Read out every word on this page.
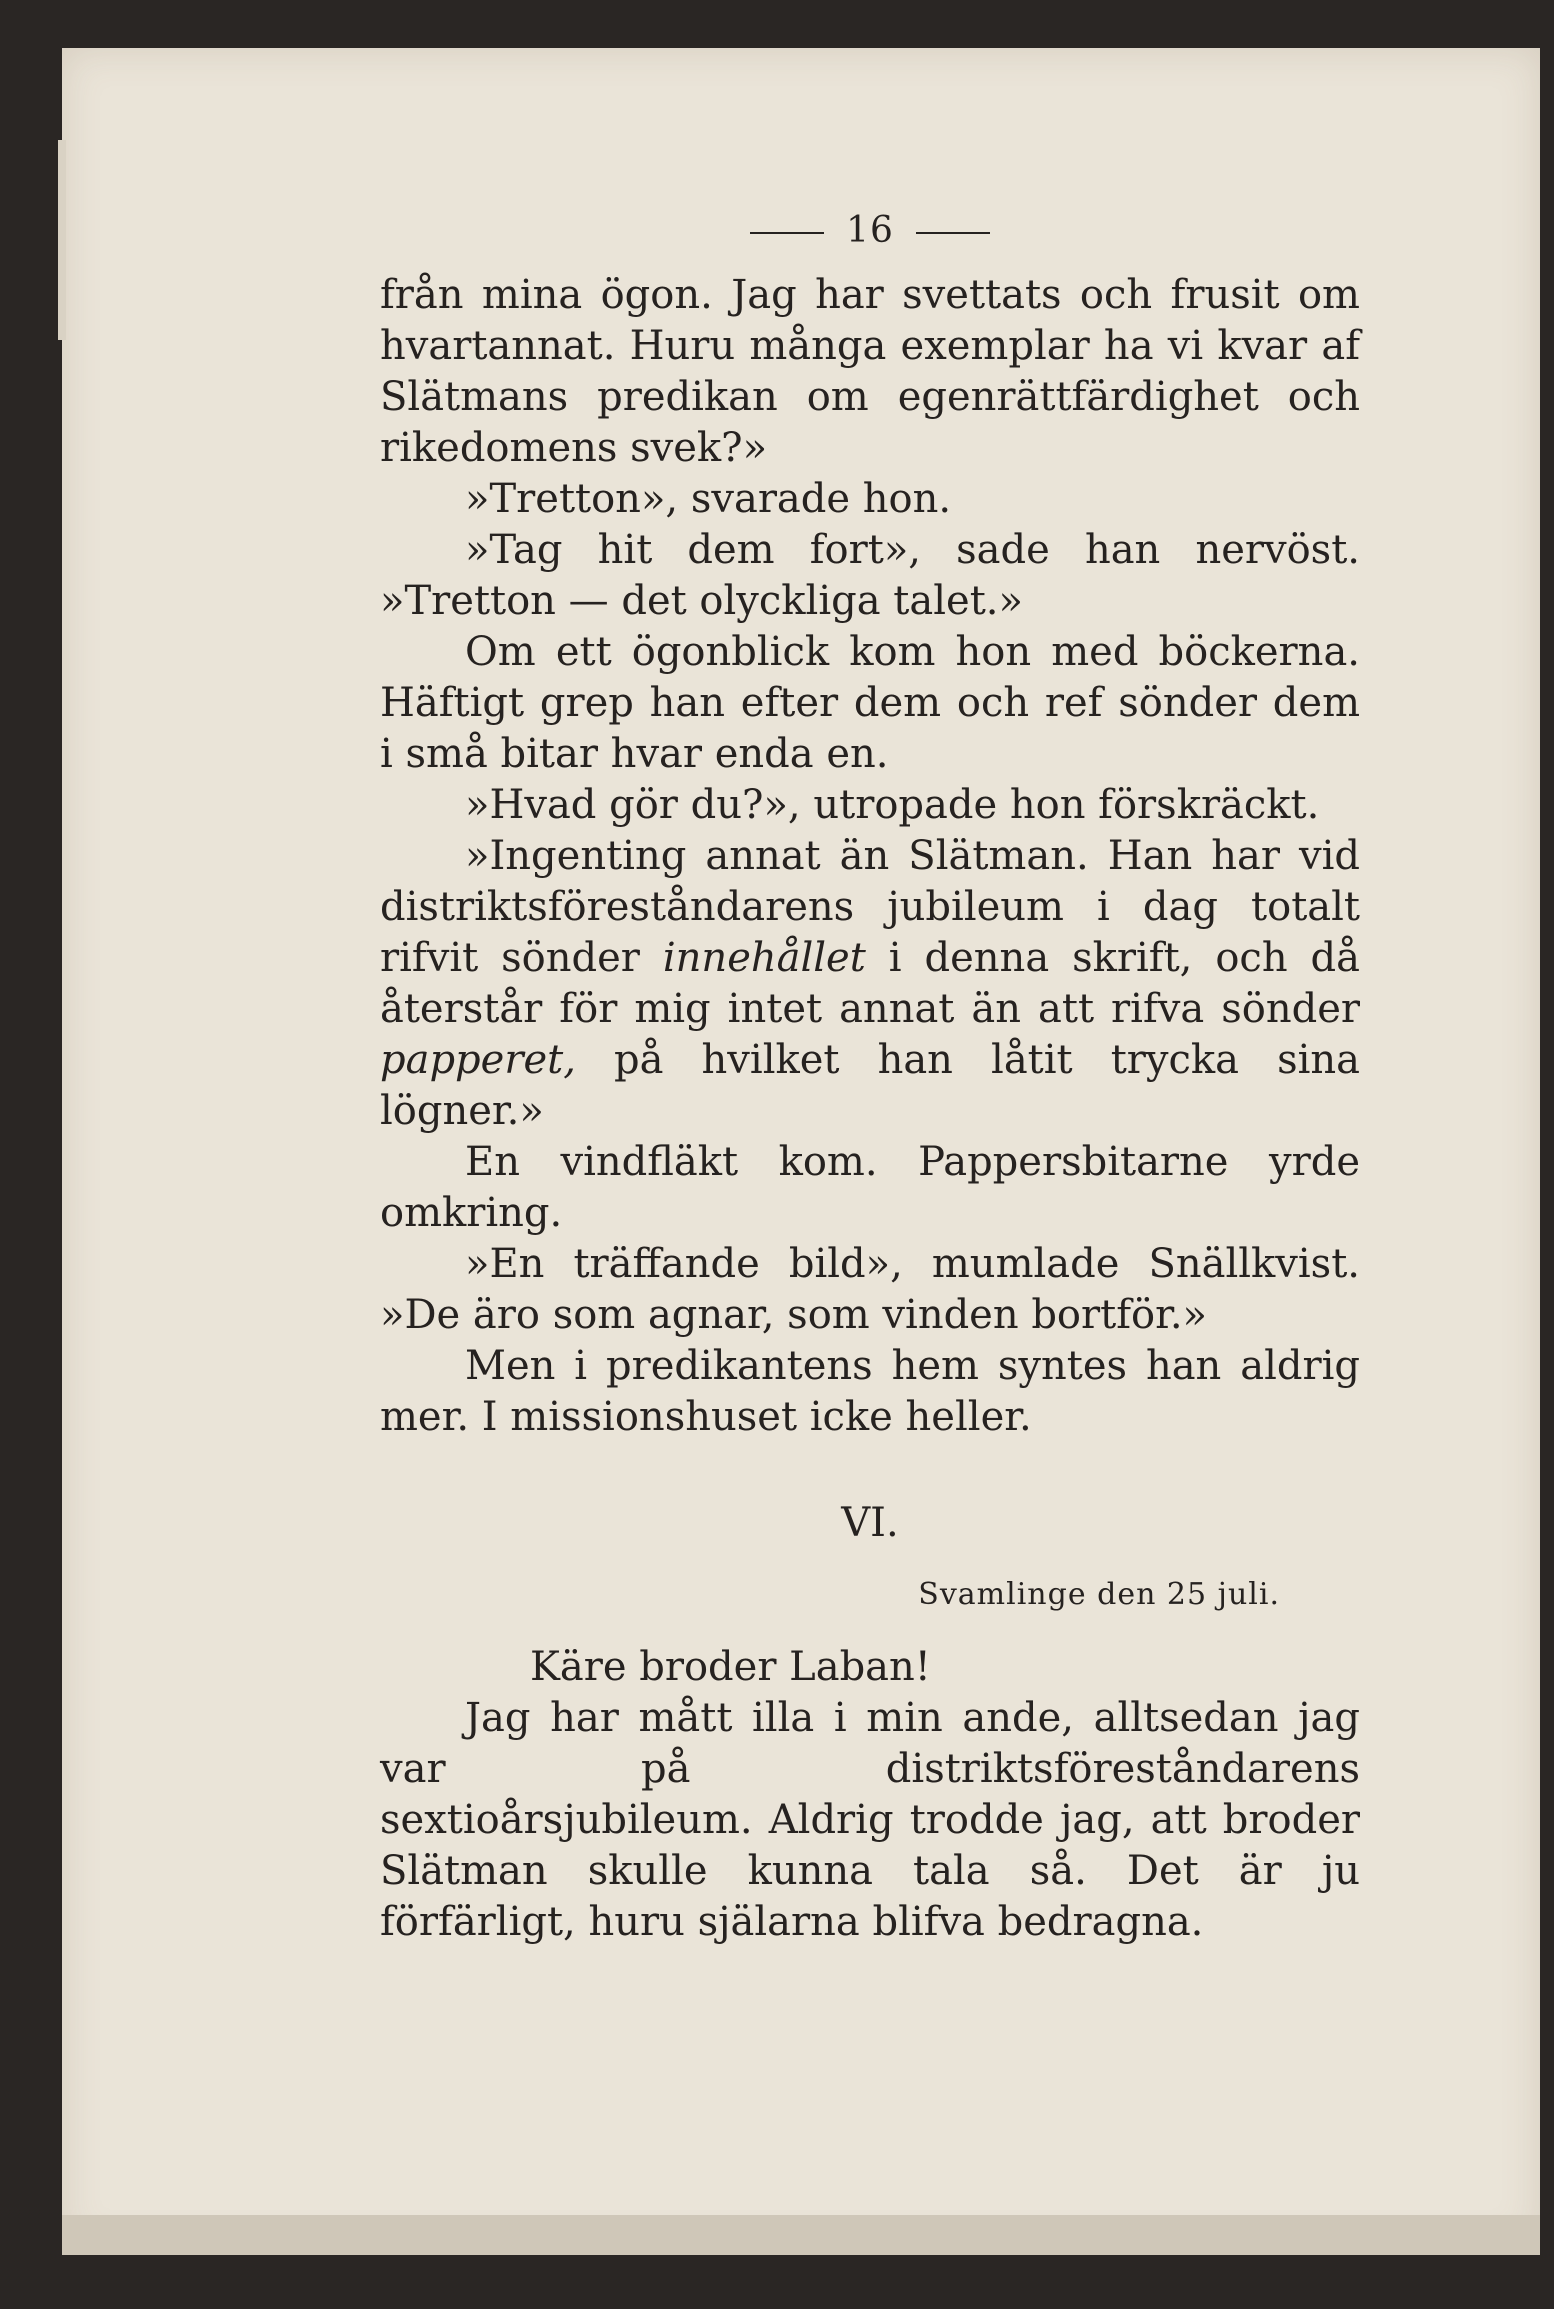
16

från mina ögon. Jag har svettats och frusit om hvartannat. Huru många exemplar ha vi kvar af Slätmans predikan om egenrättfärdighet och rikedomens svek?»

»Tretton», svarade hon.

»Tag hit dem fort», sade han nervöst. »Tretton — det olyckliga talet.»

Om ett ögonblick kom hon med böckerna. Häftigt grep han efter dem och ref sönder dem i små bitar hvar enda en.

»Hvad gör du?», utropade hon förskräckt.

»Ingenting annat än Slätman. Han har vid distriktsföreståndarens jubileum i dag totalt rifvit sönder innehållet i denna skrift, och då återstår för mig intet annat än att rifva sönder papperet, på hvilket han låtit trycka sina lögner.»

En vindfläkt kom. Pappersbitarne yrde omkring.

»En träffande bild», mumlade Snällkvist. »De äro som agnar, som vinden bortför.»

Men i predikantens hem syntes han aldrig mer. I missionshuset icke heller.

VI.

Svamlinge den 25 juli.

Käre broder Laban!

Jag har mått illa i min ande, alltsedan jag var på distriktsföreståndarens sextioårsjubileum. Aldrig trodde jag, att broder Slätman skulle kunna tala så. Det är ju förfärligt, huru själarna blifva bedragna.
